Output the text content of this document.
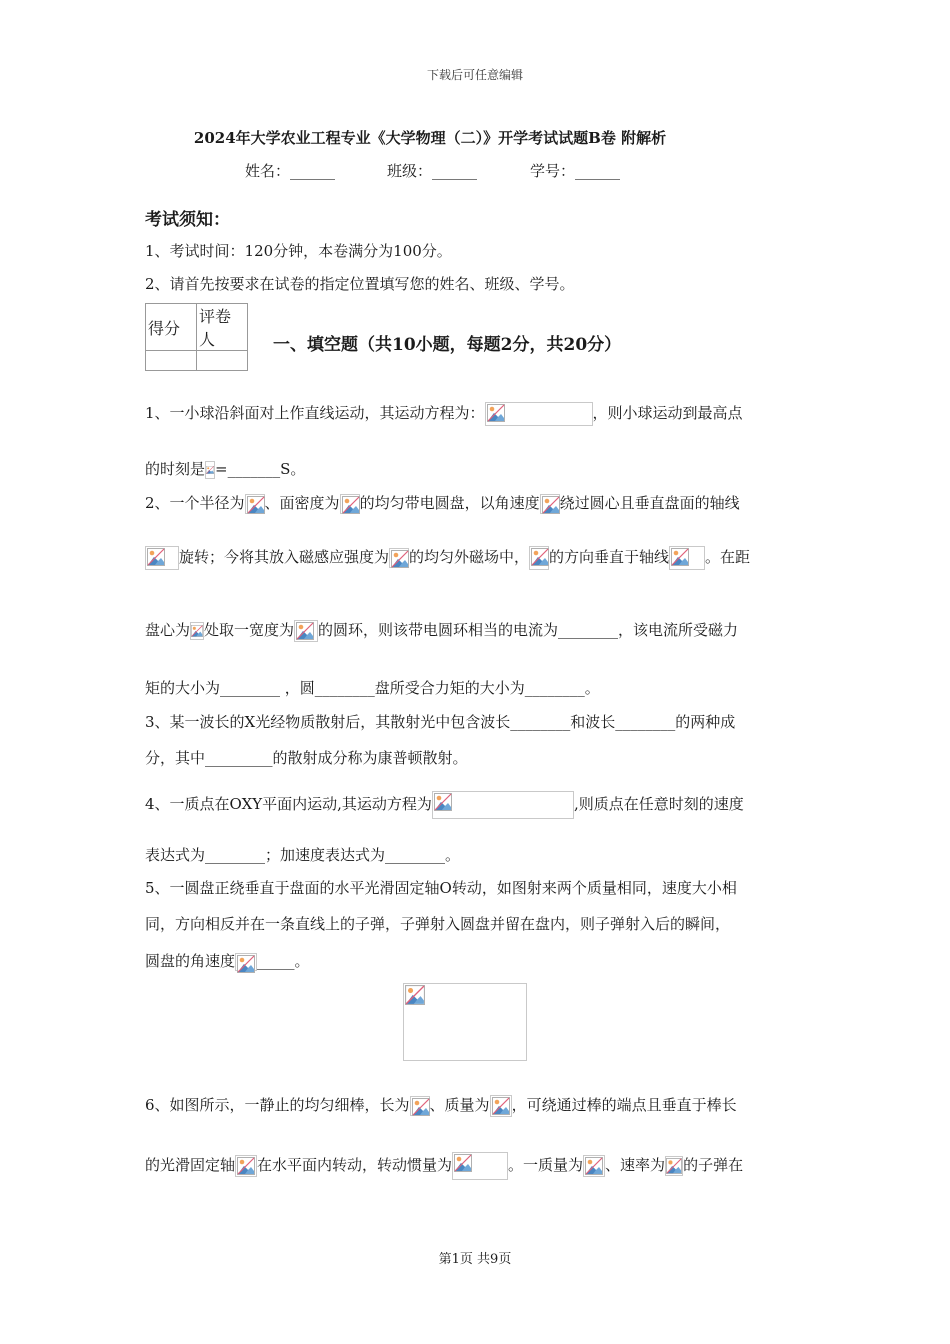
下载后可任意编辑
2024年大学农业工程专业《大学物理（二）》开学考试试题B卷 附解析
姓名：______	班级：______	学号：______
考试须知：
1、考试时间：120分钟，本卷满分为100分。
2、请首先按要求在试卷的指定位置填写您的姓名、班级、学号。
得分	评卷人
		一、填空题（共10小题，每题2分，共20分）
1、一小球沿斜面对上作直线运动，其运动方程为：	，则小球运动到最高点
的时刻是 =_______S。
2、一个半径为 、面密度为 的均匀带电圆盘，以角速度 绕过圆心且垂直盘面的轴线
旋转；今将其放入磁感应强度为 的均匀外磁场中， 的方向垂直于轴线 。在距
盘心为 处取一宽度为 的圆环，则该带电圆环相当的电流为________，该电流所受磁力
矩的大小为________ ，圆________盘所受合力矩的大小为________。
3、某一波长的X光经物质散射后，其散射光中包含波长________和波长________的两种成
分，其中_________的散射成分称为康普顿散射。
4、一质点在OXY平面内运动,其运动方程为	,则质点在任意时刻的速度
表达式为________；加速度表达式为________。
5、一圆盘正绕垂直于盘面的水平光滑固定轴O转动，如图射来两个质量相同，速度大小相
同，方向相反并在一条直线上的子弹，子弹射入圆盘并留在盘内，则子弹射入后的瞬间，
圆盘的角速度 _____。
6、如图所示，一静止的均匀细棒，长为 、质量为 ，可绕通过棒的端点且垂直于棒长
的光滑固定轴 在水平面内转动，转动惯量为	。一质量为 、速率为 的子弹在
第1页 共9页
